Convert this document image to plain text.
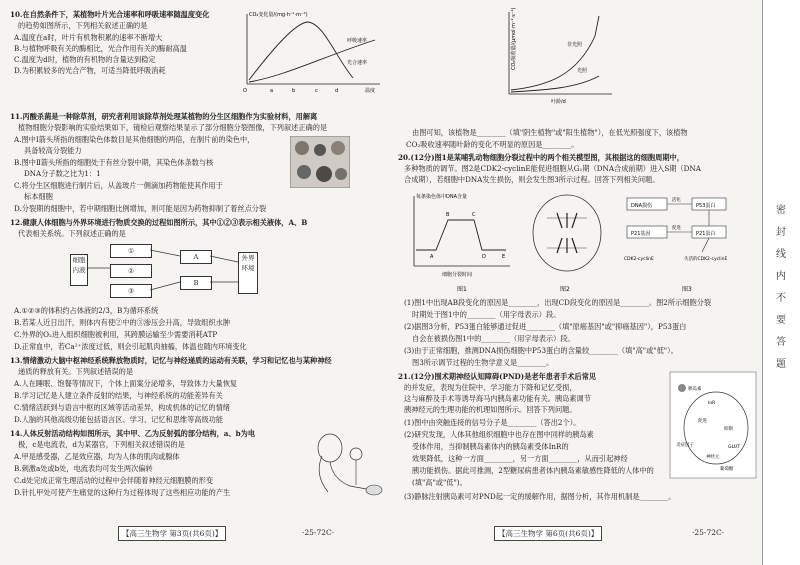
10.在自然条件下，某植物叶片光合速率和呼吸速率随温度变化
的趋势如图所示，下列相关叙述正确的是
A.温度在a时，叶片有机物积累的速率不断增大
B.与植物呼吸有关的酶相比，光合作用有关的酶耐高温
C.温度为d时，植物的有机物的含量达到稳定
D.为积累较多的光合产物，可适当降低呼吸消耗
CO₂变化量/(mg·h⁻¹·m⁻²)
呼吸速率
光合速率
O	a	b	c	d	温度
11.丙酸杀菌是一种除草剂，研究者利用该除草剂处理某植物的分生区细胞作为实验材料，用解离
植物细胞分裂影响的实验结果如下，镜检后观察结果显示了部分细胞分裂图像，下列叙述正确的是
A.图中Ⅰ箭头所指的细胞染色体数目是其他细胞的两倍，在制片前的染色中，
具备较高分裂能力
B.图中Ⅱ箭头所指的细胞处于有丝分裂中期，其染色体条数与核
DNA分子数之比为1：1
C.将分生区细胞进行制片后，从盖玻片一侧滴加药物能使其作用于
标本细胞
D.分裂期的细胞中，若中期细胞比例增加，则可能是因为药物抑制了着丝点分裂
12.健康人体细胞与外界环境进行物质交换的过程如图所示，其中①②③表示相关液体，A、B
代表相关系统。下列叙述正确的是
细胞内液
①
②
③
A
B
外界环境
A.①②③的体积约占体液的2/3，B为循环系统
B.若某人近日出汗，则体内有使②中的③渗压会升高，导致组织水肿
C.外界的O₂进入组织细胞被利用，其跨膜运输至少需要消耗ATP
D.正常血中，若Ca²⁺浓度过低，则会引起肌肉抽搐，体温也随内环境变化
13.情绪激动大脑中枢神经系统释放物质时，记忆与神经递质的运动有关联，学习和记忆也与某种神经
递质的释放有关。下列叙述错误的是
A.人在睡眠、饱餐等情况下，个体上面案分泌增多，导致体力大量恢复
B.学习记忆是人建立条件反射的结果，与神经系统的功能差异有关
C.情绪活跃到与语言中枢的区域等活动差异，构成机体的记忆的情绪
D.人脑的其他高级功能包括语言区、学习、记忆和思维等高级功能
14.人体反射活动结构如图所示，其中甲、乙为反射弧的部分结构，a、b为电
极，c是电流表，d为某器官，下列相关叙述错误的是
A.甲是感受器，乙是效应器，均为人体的肌肉或腺体
B.刺激a处或b处，电流表均可发生两次偏转
C.d处完成正常生理活动的过程中会伴随着神经元细胞膜的形变
D.针扎甲处可使产生痛觉的这种行为过程体现了这些相应功能的产生
【高三生物学 第3页(共6页)】	·25-72C·
CO₂吸收量/(μmol·m⁻²·s⁻¹)	非光照
光照
叶龄/d
由图可知，该植物是________（填"阴生植物"或"阳生植物"），在低光照强度下，该植物
CO₂吸收速率随叶龄的变化不明显的原因是________。
20.(12分)图1是某哺乳动物细胞分裂过程中的两个相关模型图，其根据这的细胞周期中，
多种物质的调节。图2是CDK2-cyclinE能促进细胞从G₁期（DNA合成前期）进入S期（DNA
合成期），若细胞中DNA发生损伤，则会发生图3所示过程。回答下列相关问题。
每条染色体中DNA含量
A
B	C
D	E
细胞分裂时间
图1	图2
DNA损伤	P53蛋白
活化
P21基因	P21蛋白
促进
CDK2-cyclinE	失活的CDK2-cyclinE
图3
(1)图1中出现AB段变化的原因是________，出现CD段变化的原因是________。图2所示细胞分裂
时期处于图1中的________（用字母表示）段。
(2)据图3分析，P53蛋白能够通过促进________（填"原癌基因"或"抑癌基因"），P53蛋白
自会在被损伤图1中的________（用字母表示）段。
(3)由于正常细胞，推测DNA损伤细胞中P53蛋白的含量较________（填"高"或"低"）。
图3所示调节过程的生物学意义是________。
21.(12分)围术期神经认知障碍(PND)是老年患者手术后常见
的并发症，表现为住院中、学习能力下降和记忆受损，
这与麻醉及手术等诱导海马内胰岛素功能有关。胰岛素调节
胰神经元的生理功能的机理如图所示。回答下列问题。
胰岛素
InR
促进
抑制
炎症因子
神经元
GLUT
葡萄糖
(1)图中由突触连接的信号分子是________（答出2个）。
(2)研究发现，人体其他组织细胞中也存在图中同样的胰岛素
受体作用，当抑制胰岛素体内的胰岛素受体InR的
效果降低，这种一方面________，另一方面________，从而引起神经
胰功能损伤。据此可推测，2型糖尿病患者体内胰岛素敏感性降低的人体中的
(填"高"或"低")。
(3)静脉注射胰岛素可对PND起一定的缓解作用，据图分析，其作用机制是________。
【高三生物学 第6页(共6页)】	·25-72C·
密 封 线 内 不 要 答 题
